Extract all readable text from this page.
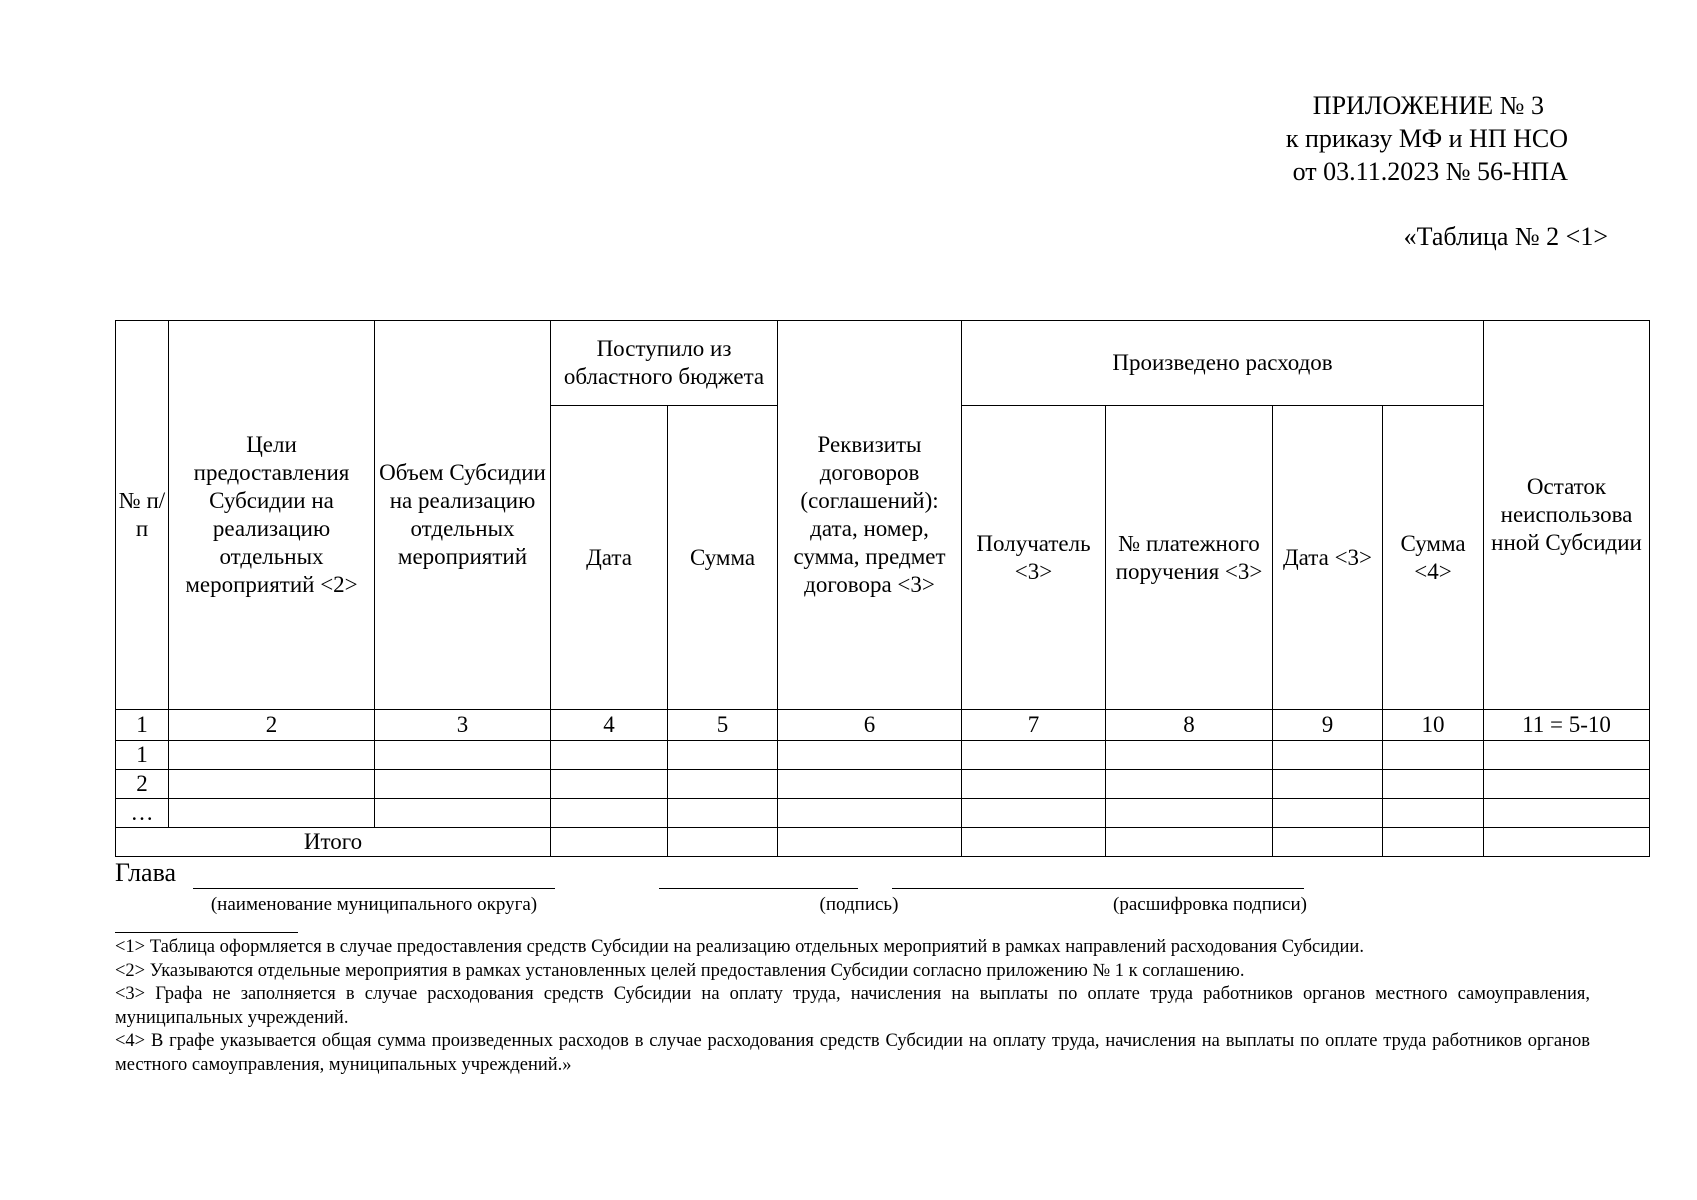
ПРИЛОЖЕНИЕ № 3
к приказу МФ и НП НСО
от 03.11.2023 № 56-НПА
«Таблица № 2 <1>
№ п/п	Цели предоставления Субсидии на реализацию отдельных мероприятий <2>	Объем Субсидии на реализацию отдельных мероприятий	Поступило из областного бюджета		Реквизиты договоров (соглашений): дата, номер, сумма, предмет договора <3>	Произведено расходов				Остаток неиспользова нной Субсидии
			Дата	Сумма		Получатель <3>	№ платежного поручения <3>	Дата <3>	Сумма <4>	
1	2	3	4	5	6	7	8	9	10	11 = 5-10
1										
2										
…										
Итого										
Глава
(наименование муниципального округа)	(подпись)	(расшифровка подписи)

<1> Таблица оформляется в случае предоставления средств Субсидии на реализацию отдельных мероприятий в рамках направлений расходования Субсидии.

<2> Указываются отдельные мероприятия в рамках установленных целей предоставления Субсидии согласно приложению № 1 к соглашению.

<3> Графа не заполняется в случае расходования средств Субсидии на оплату труда, начисления на выплаты по оплате труда работников органов местного самоуправления, муниципальных учреждений.

<4> В графе указывается общая сумма произведенных расходов в случае расходования средств Субсидии на оплату труда, начисления на выплаты по оплате труда работников органов местного самоуправления, муниципальных учреждений.»
